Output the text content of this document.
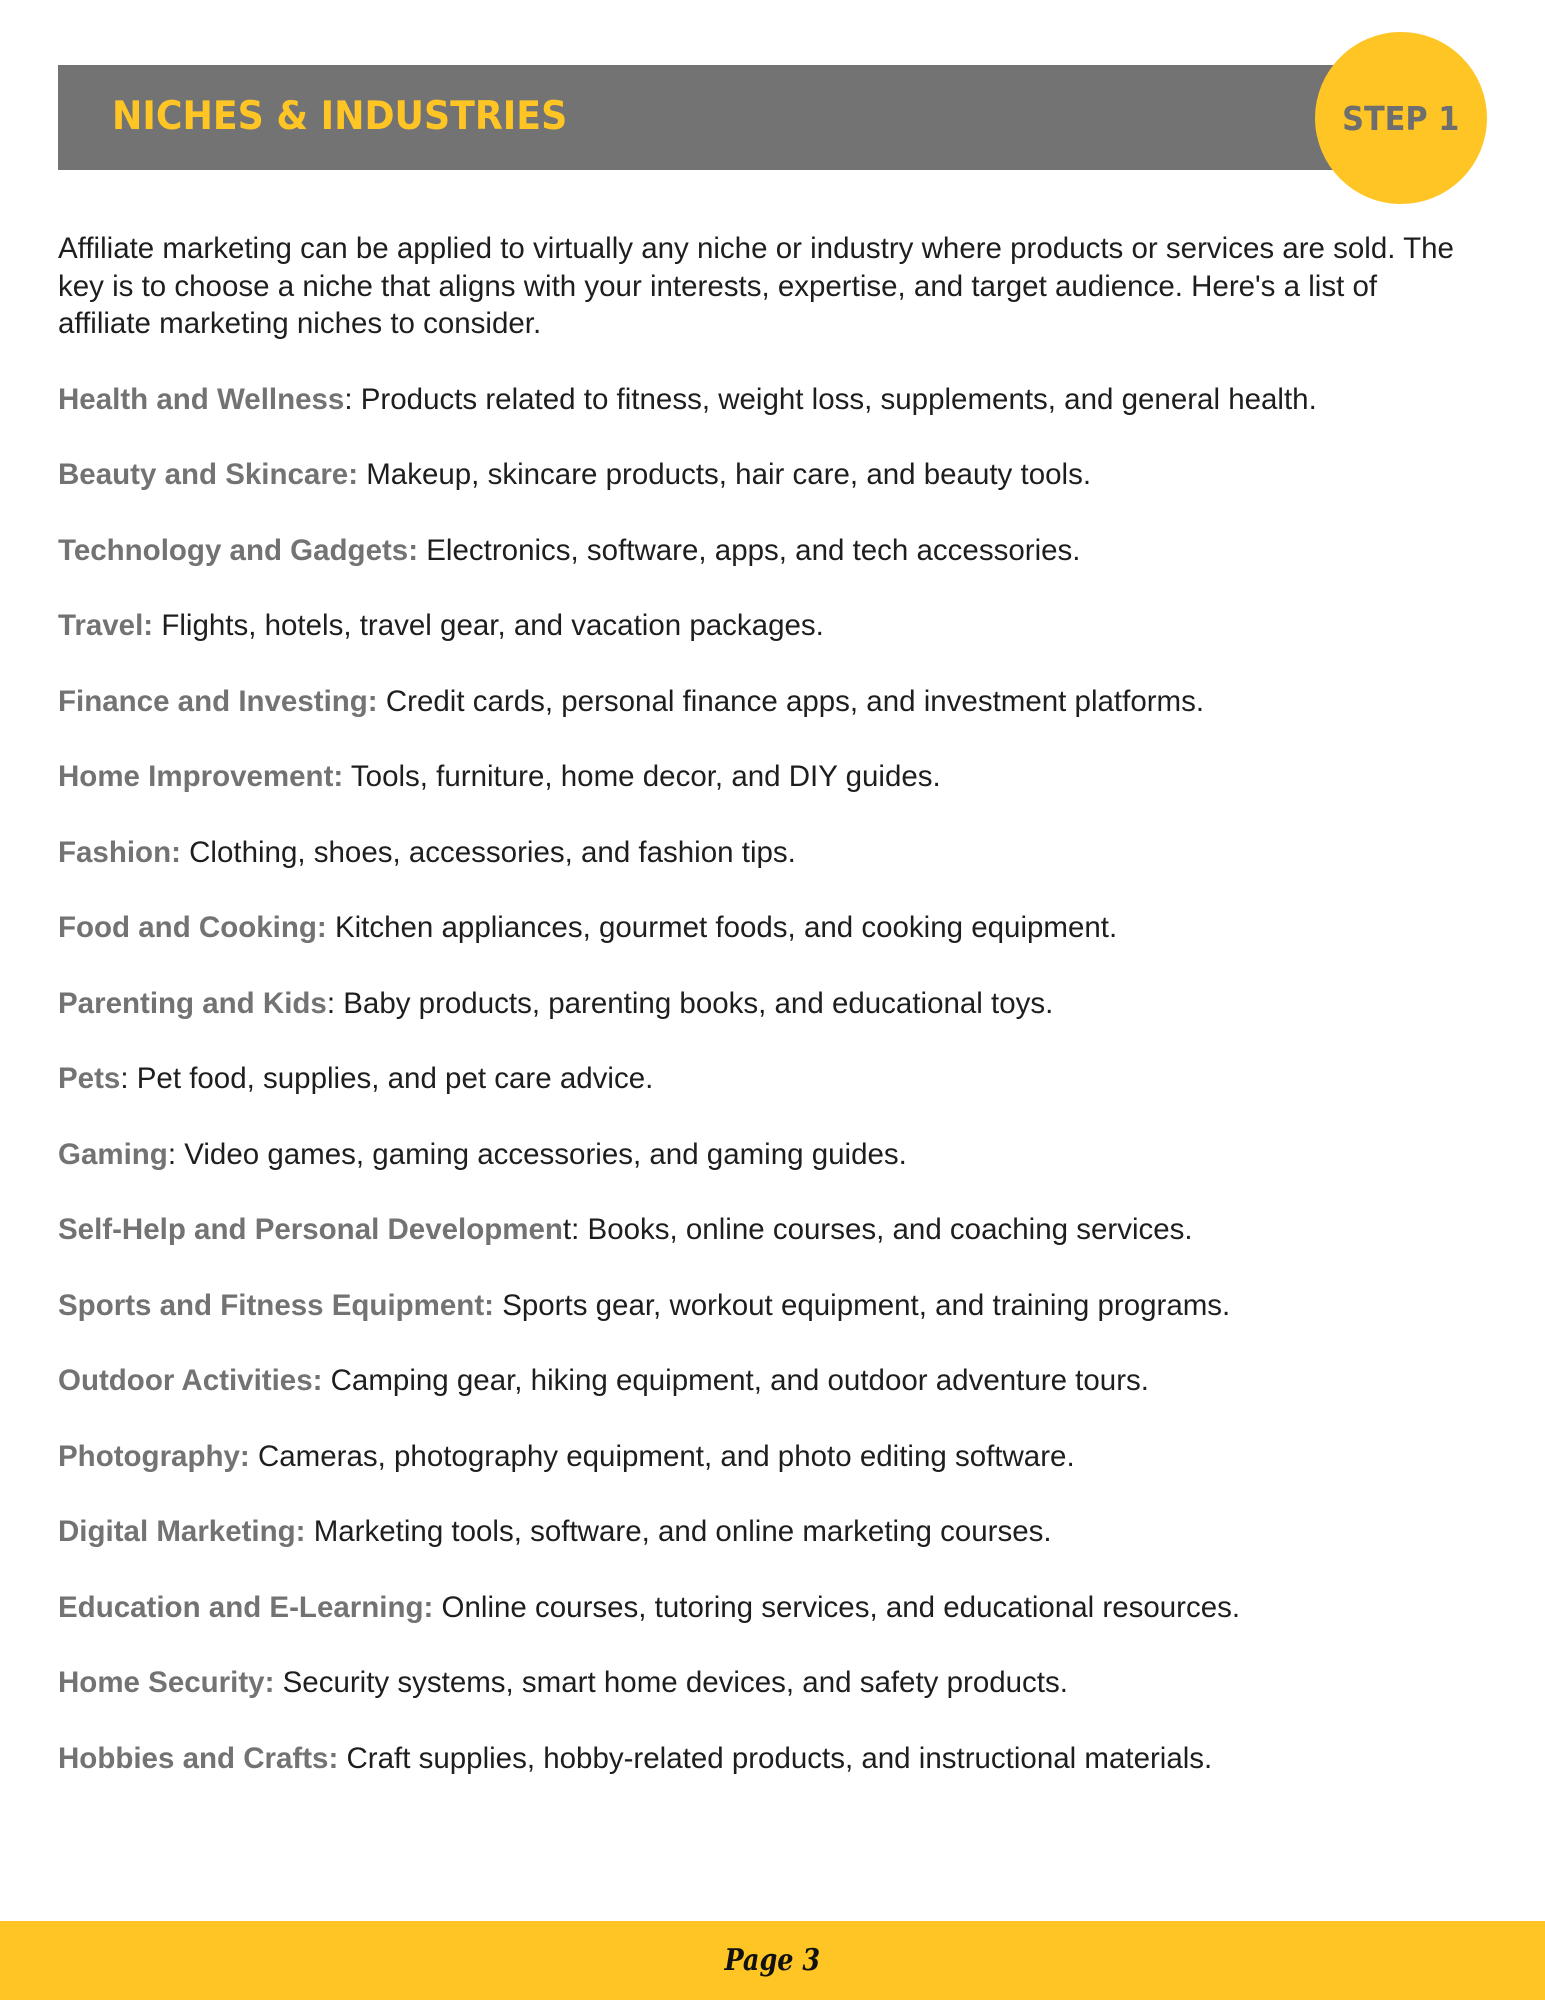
NICHES & INDUSTRIES	STEP 1

Affiliate marketing can be applied to virtually any niche or industry where products or services are sold. The key is to choose a niche that aligns with your interests, expertise, and target audience. Here's a list of affiliate marketing niches to consider.

Health and Wellness: Products related to fitness, weight loss, supplements, and general health.

Beauty and Skincare: Makeup, skincare products, hair care, and beauty tools.

Technology and Gadgets: Electronics, software, apps, and tech accessories.

Travel: Flights, hotels, travel gear, and vacation packages.

Finance and Investing: Credit cards, personal finance apps, and investment platforms.

Home Improvement: Tools, furniture, home decor, and DIY guides.

Fashion: Clothing, shoes, accessories, and fashion tips.

Food and Cooking: Kitchen appliances, gourmet foods, and cooking equipment.

Parenting and Kids: Baby products, parenting books, and educational toys.

Pets: Pet food, supplies, and pet care advice.

Gaming: Video games, gaming accessories, and gaming guides.

Self-Help and Personal Development: Books, online courses, and coaching services.

Sports and Fitness Equipment: Sports gear, workout equipment, and training programs.

Outdoor Activities: Camping gear, hiking equipment, and outdoor adventure tours.

Photography: Cameras, photography equipment, and photo editing software.

Digital Marketing: Marketing tools, software, and online marketing courses.

Education and E-Learning: Online courses, tutoring services, and educational resources.

Home Security: Security systems, smart home devices, and safety products.

Hobbies and Crafts: Craft supplies, hobby-related products, and instructional materials.

Page 3
